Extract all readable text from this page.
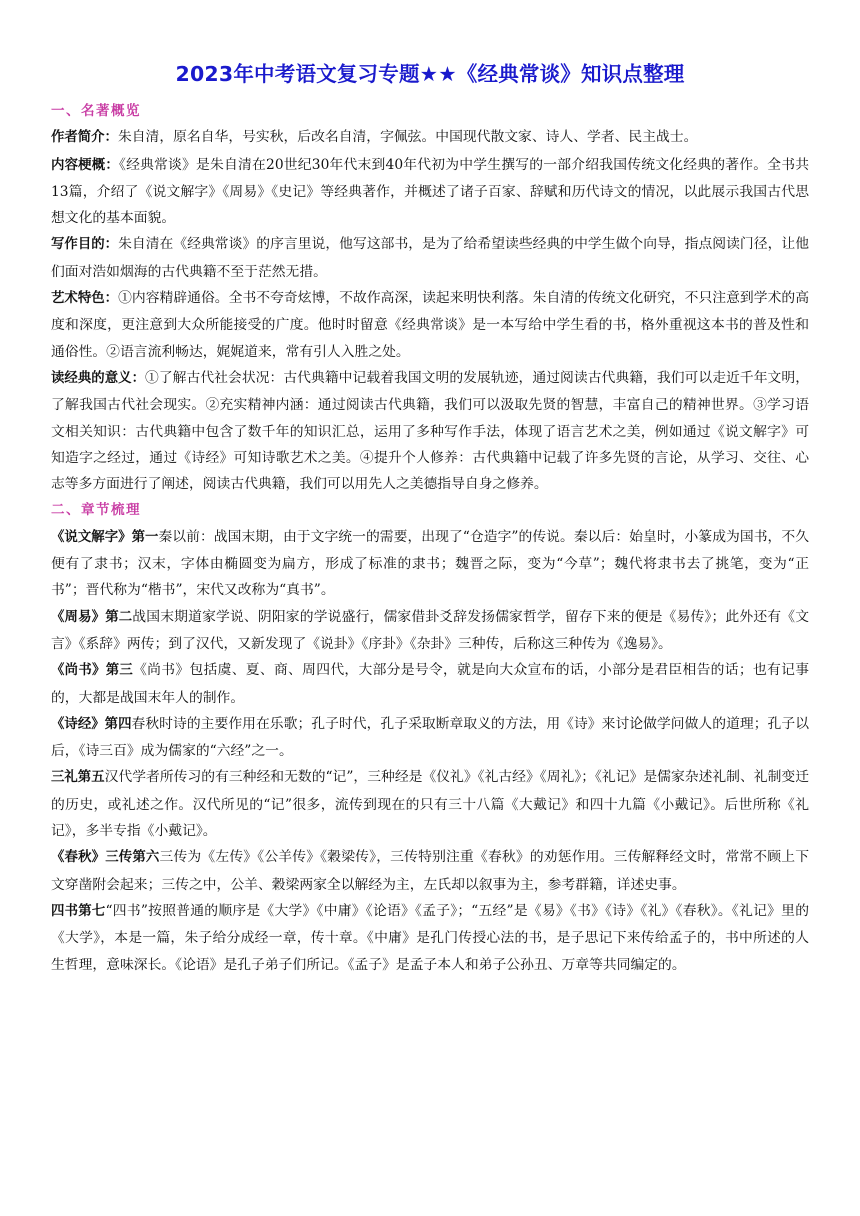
2023年中考语文复习专题★★《经典常谈》知识点整理
一、名著概览

作者简介：朱自清，原名自华，号实秋，后改名自清，字佩弦。中国现代散文家、诗人、学者、民主战士。

内容梗概：《经典常谈》是朱自清在20世纪30年代末到40年代初为中学生撰写的一部介绍我国传统文化经典的著作。全书共13篇，介绍了《说文解字》《周易》《史记》等经典著作，并概述了诸子百家、辞赋和历代诗文的情况，以此展示我国古代思想文化的基本面貌。

写作目的：朱自清在《经典常谈》的序言里说，他写这部书，是为了给希望读些经典的中学生做个向导，指点阅读门径，让他们面对浩如烟海的古代典籍不至于茫然无措。

艺术特色：①内容精辟通俗。全书不夸奇炫博，不故作高深，读起来明快利落。朱自清的传统文化研究，不只注意到学术的高度和深度，更注意到大众所能接受的广度。他时时留意《经典常谈》是一本写给中学生看的书，格外重视这本书的普及性和通俗性。②语言流利畅达，娓娓道来，常有引人入胜之处。

读经典的意义：①了解古代社会状况：古代典籍中记载着我国文明的发展轨迹，通过阅读古代典籍，我们可以走近千年文明，了解我国古代社会现实。②充实精神内涵：通过阅读古代典籍，我们可以汲取先贤的智慧，丰富自己的精神世界。③学习语文相关知识：古代典籍中包含了数千年的知识汇总，运用了多种写作手法，体现了语言艺术之美，例如通过《说文解字》可知造字之经过，通过《诗经》可知诗歌艺术之美。④提升个人修养：古代典籍中记载了许多先贤的言论，从学习、交往、心志等多方面进行了阐述，阅读古代典籍，我们可以用先人之美德指导自身之修养。

二、章节梳理

《说文解字》第一秦以前：战国末期，由于文字统一的需要，出现了“仓造字”的传说。秦以后：始皇时，小篆成为国书，不久便有了隶书；汉末，字体由椭圆变为扁方，形成了标准的隶书；魏晋之际，变为“今草”；魏代将隶书去了挑笔，变为“正书”；晋代称为“楷书”，宋代又改称为“真书”。

《周易》第二战国末期道家学说、阴阳家的学说盛行，儒家借卦爻辞发扬儒家哲学，留存下来的便是《易传》；此外还有《文言》《系辞》两传；到了汉代，又新发现了《说卦》《序卦》《杂卦》三种传，后称这三种传为《逸易》。

《尚书》第三《尚书》包括虞、夏、商、周四代，大部分是号令，就是向大众宣布的话，小部分是君臣相告的话；也有记事的，大都是战国末年人的制作。

《诗经》第四春秋时诗的主要作用在乐歌；孔子时代，孔子采取断章取义的方法，用《诗》来讨论做学问做人的道理；孔子以后，《诗三百》成为儒家的“六经”之一。

三礼第五汉代学者所传习的有三种经和无数的“记”，三种经是《仪礼》《礼古经》《周礼》；《礼记》是儒家杂述礼制、礼制变迁的历史，或礼述之作。汉代所见的“记”很多，流传到现在的只有三十八篇《大戴记》和四十九篇《小戴记》。后世所称《礼记》，多半专指《小戴记》。

《春秋》三传第六三传为《左传》《公羊传》《穀梁传》，三传特别注重《春秋》的劝惩作用。三传解释经文时，常常不顾上下文穿凿附会起来；三传之中，公羊、穀梁两家全以解经为主，左氏却以叙事为主，参考群籍，详述史事。

四书第七“四书”按照普通的顺序是《大学》《中庸》《论语》《孟子》；“五经”是《易》《书》《诗》《礼》《春秋》。《礼记》里的《大学》，本是一篇，朱子给分成经一章，传十章。《中庸》是孔门传授心法的书，是子思记下来传给孟子的，书中所述的人生哲理，意味深长。《论语》是孔子弟子们所记。《孟子》是孟子本人和弟子公孙丑、万章等共同编定的。
